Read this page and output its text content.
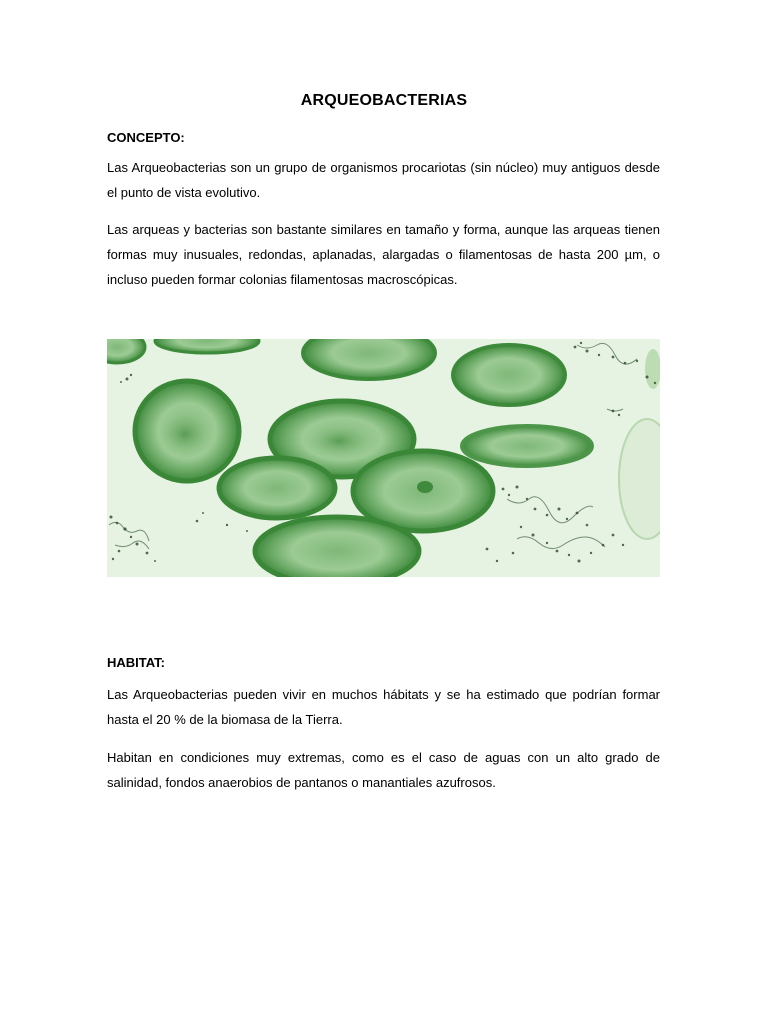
ARQUEOBACTERIAS
CONCEPTO:

Las Arqueobacterias son un grupo de organismos procariotas (sin núcleo) muy antiguos desde el punto de vista evolutivo.

Las arqueas y bacterias son bastante similares en tamaño y forma, aunque las arqueas tienen formas muy inusuales, redondas, aplanadas, alargadas o filamentosas de hasta 200 µm, o incluso pueden formar colonias filamentosas macroscópicas.

HABITAT:

Las Arqueobacterias pueden vivir en muchos hábitats y se ha estimado que podrían formar hasta el 20 % de la biomasa de la Tierra.

Habitan en condiciones muy extremas, como es el caso de aguas con un alto grado de salinidad, fondos anaerobios de pantanos o manantiales azufrosos.
